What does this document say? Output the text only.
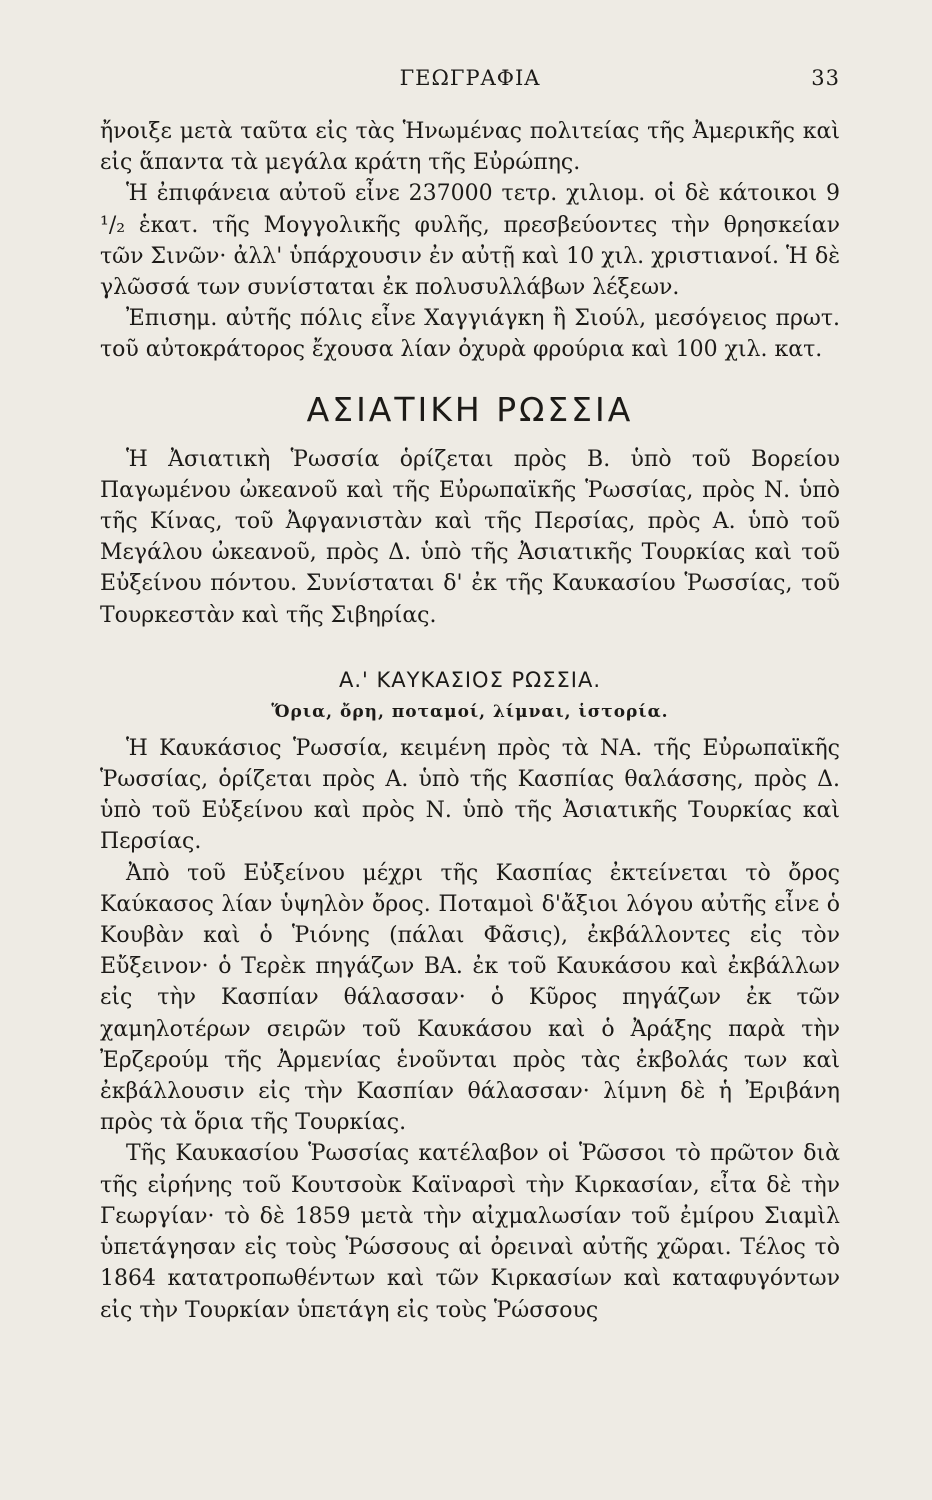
ΓΕΩΓΡΑΦΙΑ	33

ἤνοιξε μετὰ ταῦτα εἰς τὰς Ἡνωμένας πολιτείας τῆς Ἀμερικῆς καὶ εἰς ἅπαντα τὰ μεγάλα κράτη τῆς Εὐρώπης.

Ἡ ἐπιφάνεια αὐτοῦ εἶνε 237000 τετρ. χιλιομ. οἱ δὲ κάτοικοι 9 ¹/₂ ἑκατ. τῆς Μογγολικῆς φυλῆς, πρεσβεύοντες τὴν θρησκείαν τῶν Σινῶν· ἀλλ' ὑπάρχουσιν ἐν αὐτῇ καὶ 10 χιλ. χριστιανοί. Ἡ δὲ γλῶσσά των συνίσταται ἐκ πολυσυλλάβων λέξεων.

Ἐπισημ. αὐτῆς πόλις εἶνε Χαγγιάγκη ἢ Σιούλ, μεσόγειος πρωτ. τοῦ αὐτοκράτορος ἔχουσα λίαν ὀχυρὰ φρούρια καὶ 100 χιλ. κατ.

ΑΣΙΑΤΙΚΗ ΡΩΣΣΙΑ

Ἡ Ἀσιατικὴ Ῥωσσία ὁρίζεται πρὸς Β. ὑπὸ τοῦ Βορείου Παγωμένου ὠκεανοῦ καὶ τῆς Εὐρωπαϊκῆς Ῥωσσίας, πρὸς Ν. ὑπὸ τῆς Κίνας, τοῦ Ἀφγανιστὰν καὶ τῆς Περσίας, πρὸς Α. ὑπὸ τοῦ Μεγάλου ὠκεανοῦ, πρὸς Δ. ὑπὸ τῆς Ἀσιατικῆς Τουρκίας καὶ τοῦ Εὐξείνου πόντου. Συνίσταται δ' ἐκ τῆς Καυκασίου Ῥωσσίας, τοῦ Τουρκεστὰν καὶ τῆς Σιβηρίας.

Α.' ΚΑΥΚΑΣΙΟΣ ΡΩΣΣΙΑ.
Ὅρια, ὄρη, ποταμοί, λίμναι, ἱστορία.

Ἡ Καυκάσιος Ῥωσσία, κειμένη πρὸς τὰ ΝΑ. τῆς Εὐρωπαϊκῆς Ῥωσσίας, ὁρίζεται πρὸς Α. ὑπὸ τῆς Κασπίας θαλάσσης, πρὸς Δ. ὑπὸ τοῦ Εὐξείνου καὶ πρὸς Ν. ὑπὸ τῆς Ἀσιατικῆς Τουρκίας καὶ Περσίας.

Ἀπὸ τοῦ Εὐξείνου μέχρι τῆς Κασπίας ἐκτείνεται τὸ ὄρος Καύκασος λίαν ὑψηλὸν ὄρος. Ποταμοὶ δ'ἄξιοι λόγου αὐτῆς εἶνε ὁ Κουβὰν καὶ ὁ Ῥιόνης (πάλαι Φᾶσις), ἐκβάλλοντες εἰς τὸν Εὔξεινον· ὁ Τερὲκ πηγάζων ΒΑ. ἐκ τοῦ Καυκάσου καὶ ἐκβάλλων εἰς τὴν Κασπίαν θάλασσαν· ὁ Κῦρος πηγάζων ἐκ τῶν χαμηλοτέρων σειρῶν τοῦ Καυκάσου καὶ ὁ Ἀράξης παρὰ τὴν Ἐρζερούμ τῆς Ἀρμενίας ἑνοῦνται πρὸς τὰς ἐκβολάς των καὶ ἐκβάλλουσιν εἰς τὴν Κασπίαν θάλασσαν· λίμνη δὲ ἡ Ἐριβάνη πρὸς τὰ ὅρια τῆς Τουρκίας.

Τῆς Καυκασίου Ῥωσσίας κατέλαβον οἱ Ῥῶσσοι τὸ πρῶτον διὰ τῆς εἰρήνης τοῦ Κουτσοὺκ Καϊναρσὶ τὴν Κιρκασίαν, εἶτα δὲ τὴν Γεωργίαν· τὸ δὲ 1859 μετὰ τὴν αἰχμαλωσίαν τοῦ ἐμίρου Σιαμὶλ ὑπετάγησαν εἰς τοὺς Ῥώσσους αἱ ὀρειναὶ αὐτῆς χῶραι. Τέλος τὸ 1864 κατατροπωθέντων καὶ τῶν Κιρκασίων καὶ καταφυγόντων εἰς τὴν Τουρκίαν ὑπετάγη εἰς τοὺς Ῥώσσους
